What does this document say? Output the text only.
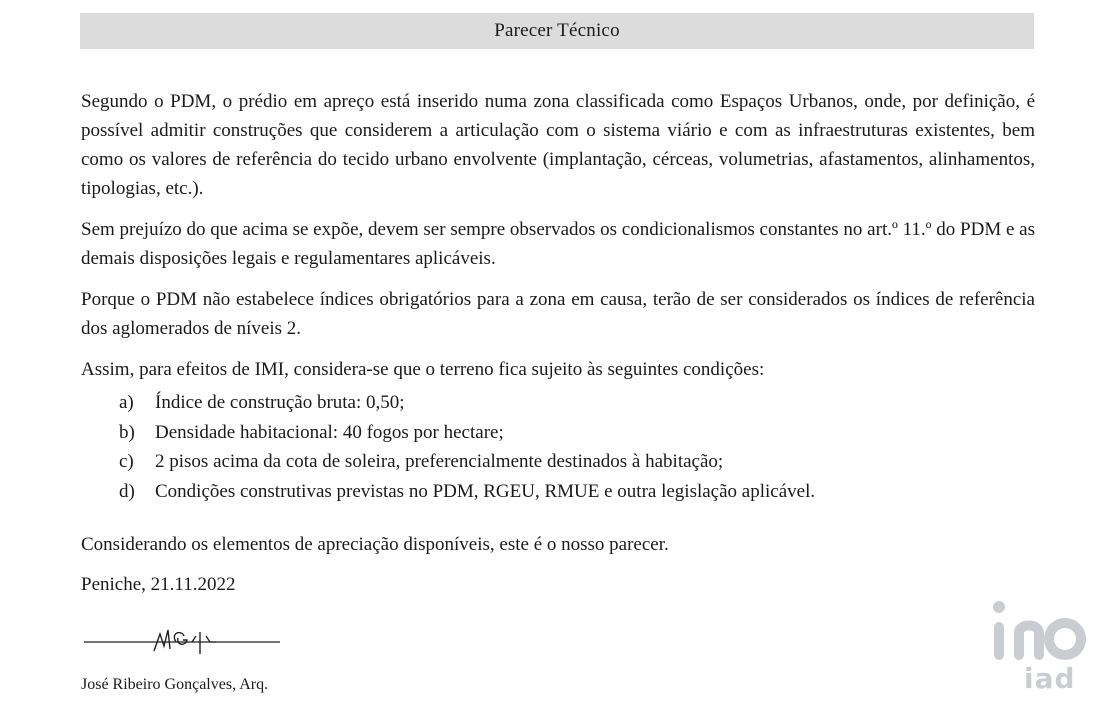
Parecer Técnico

Segundo o PDM, o prédio em apreço está inserido numa zona classificada como Espaços Urbanos, onde, por definição, é possível admitir construções que considerem a articulação com o sistema viário e com as infraestruturas existentes, bem como os valores de referência do tecido urbano envolvente (implantação, cérceas, volumetrias, afastamentos, alinhamentos, tipologias, etc.).

Sem prejuízo do que acima se expõe, devem ser sempre observados os condicionalismos constantes no art.º 11.º do PDM e as demais disposições legais e regulamentares aplicáveis.

Porque o PDM não estabelece índices obrigatórios para a zona em causa, terão de ser considerados os índices de referência dos aglomerados de níveis 2.

Assim, para efeitos de IMI, considera-se que o terreno fica sujeito às seguintes condições:

a)	Índice de construção bruta: 0,50;
b)	Densidade habitacional: 40 fogos por hectare;
c)	2 pisos acima da cota de soleira, preferencialmente destinados à habitação;
d)	Condições construtivas previstas no PDM, RGEU, RMUE e outra legislação aplicável.

Considerando os elementos de apreciação disponíveis, este é o nosso parecer.

Peniche, 21.11.2022

José Ribeiro Gonçalves, Arq.	iad
